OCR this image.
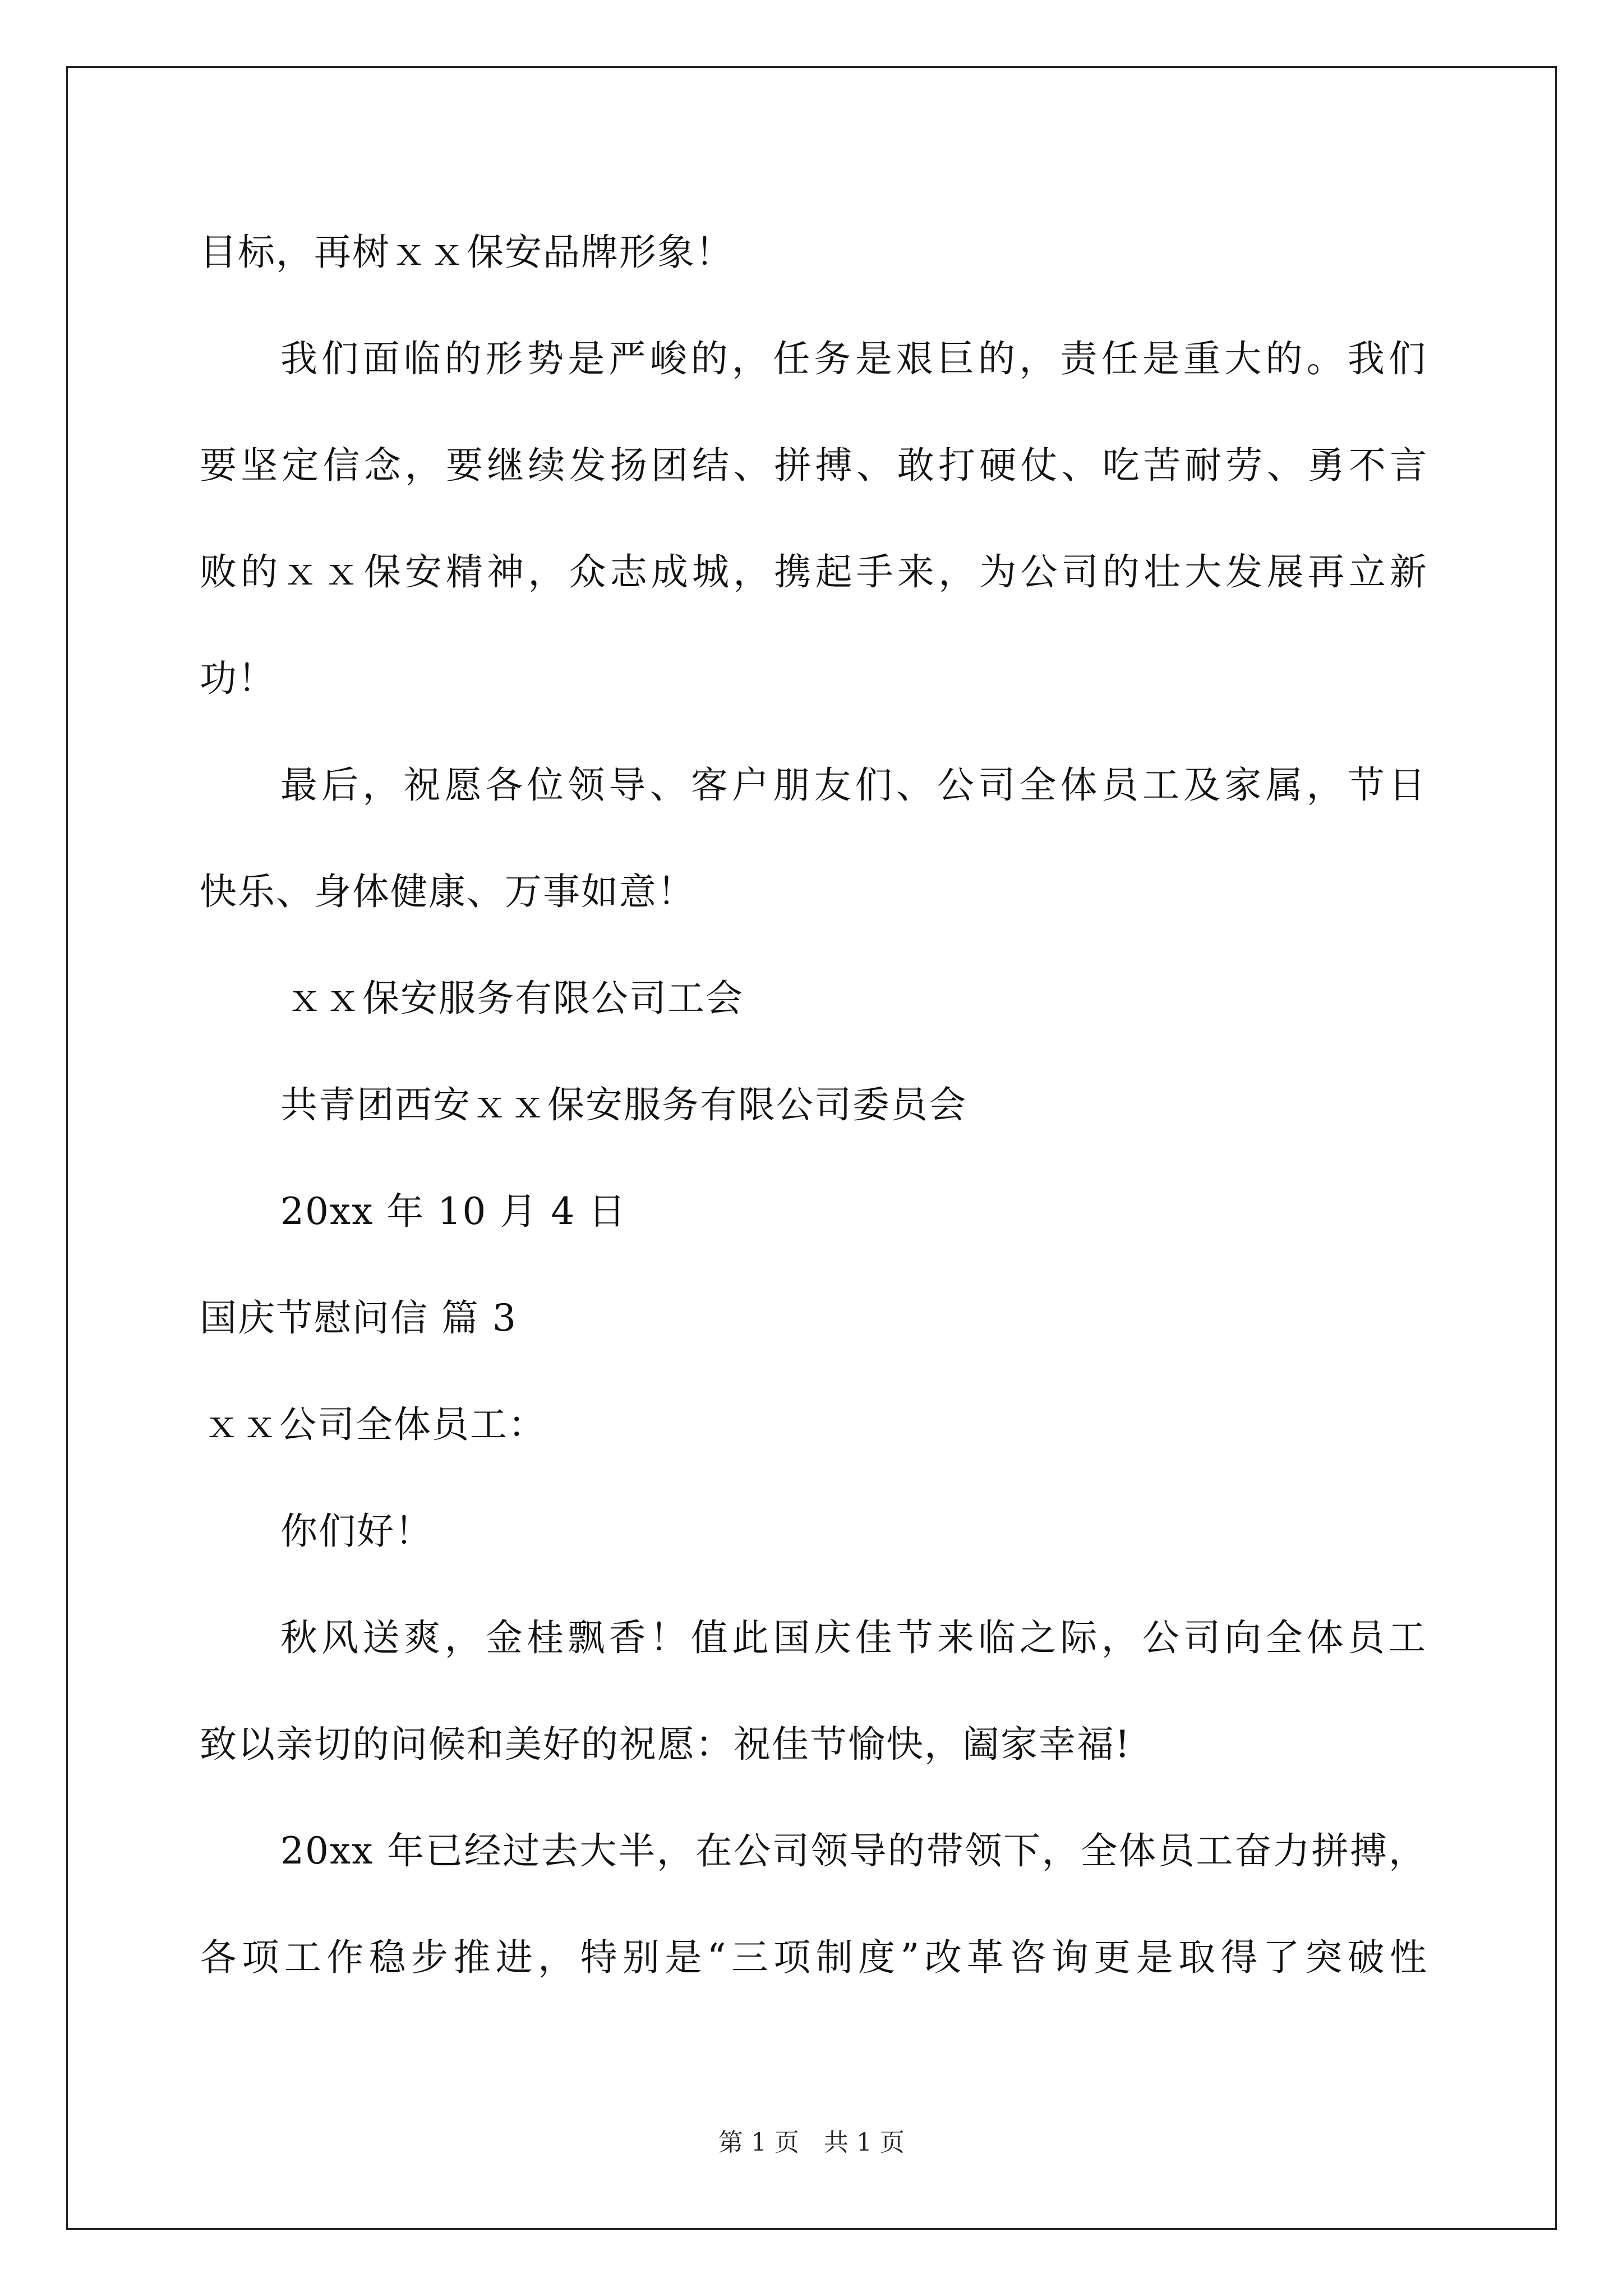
目标，再树ｘｘ保安品牌形象！
我们面临的形势是严峻的，任务是艰巨的，责任是重大的。我们
要坚定信念，要继续发扬团结、拼搏、敢打硬仗、吃苦耐劳、勇不言
败的ｘｘ保安精神，众志成城，携起手来，为公司的壮大发展再立新
功！
最后，祝愿各位领导、客户朋友们、公司全体员工及家属，节日
快乐、身体健康、万事如意！
ｘｘ保安服务有限公司工会
共青团西安ｘｘ保安服务有限公司委员会
20xx 年 10 月 4 日
国庆节慰问信 篇 3
ｘｘ公司全体员工：
你们好！
秋风送爽，金桂飘香！值此国庆佳节来临之际，公司向全体员工
致以亲切的问候和美好的祝愿：祝佳节愉快，阖家幸福!
20xx 年已经过去大半，在公司领导的带领下，全体员工奋力拼搏，
各项工作稳步推进，特别是“三项制度”改革咨询更是取得了突破性
第 1 页　共 1 页
